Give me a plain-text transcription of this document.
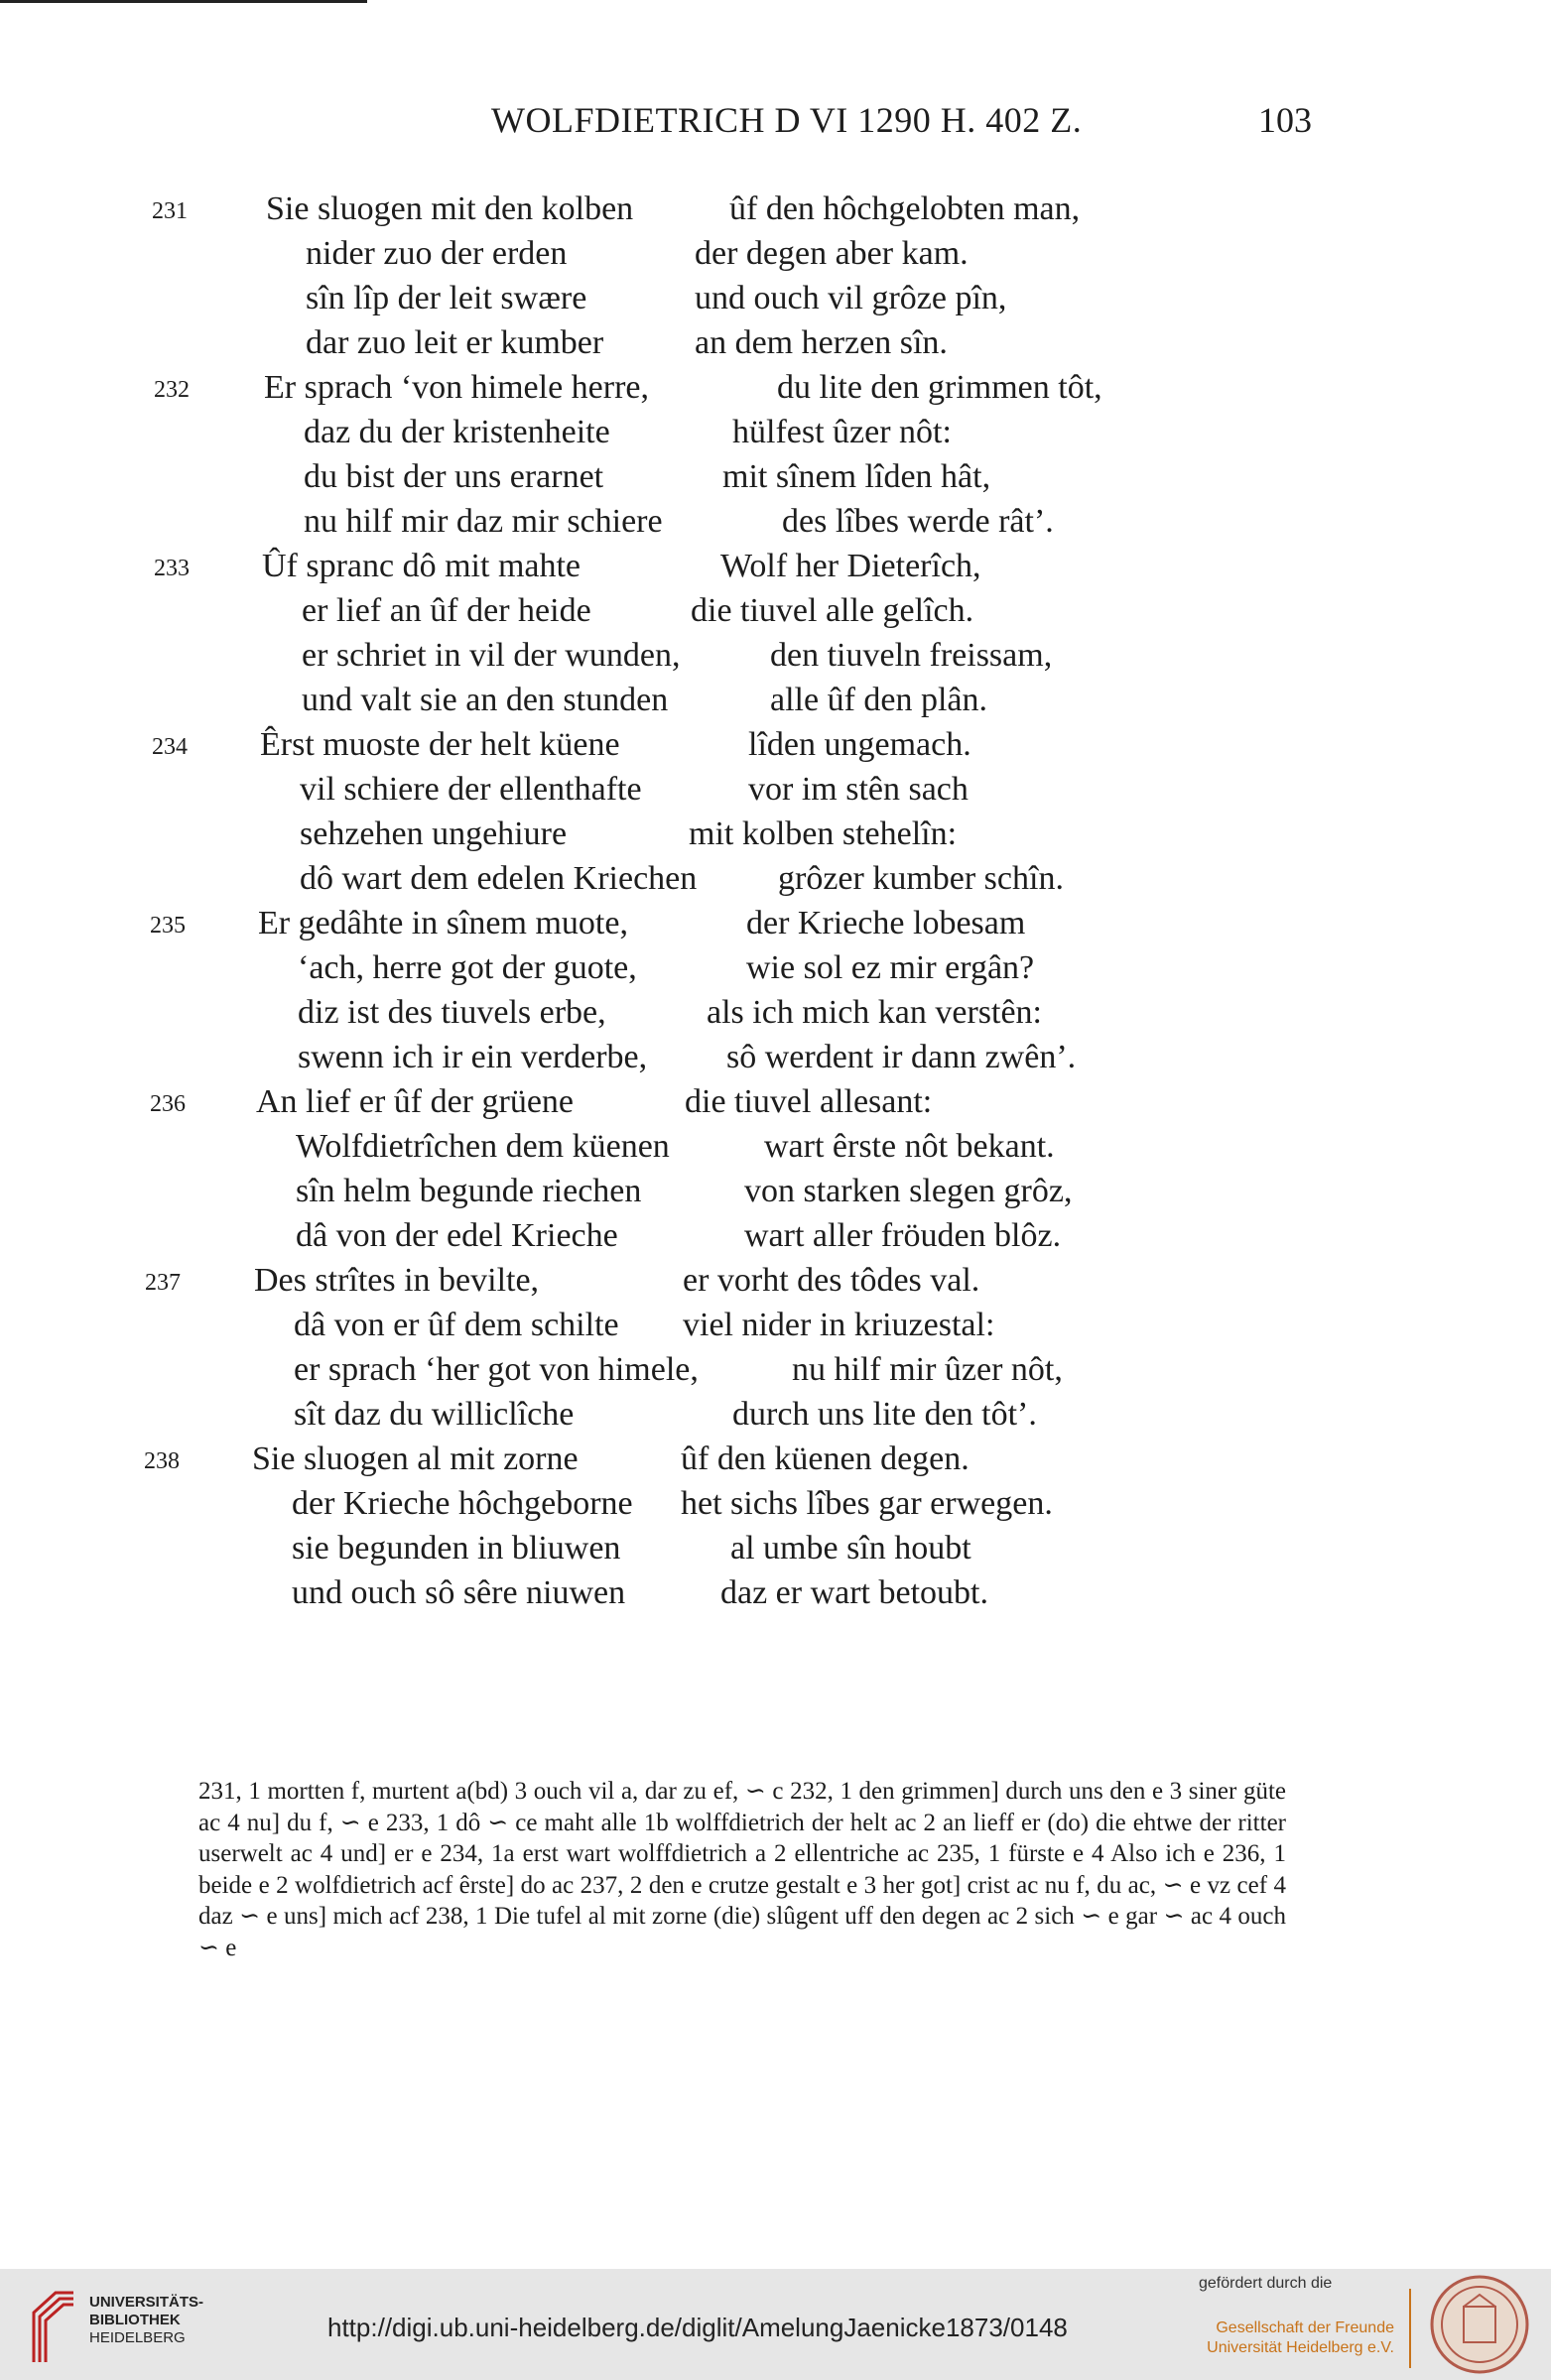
WOLFDIETRICH D VI 1290 H. 402 Z.	103
231 Sie sluogen mit den kolben	ûf den hôchgelobten man,
nider zuo der erden	der degen aber kam.
sîn lîp der leit swære	und ouch vil grôze pîn,
dar zuo leit er kumber	an dem herzen sîn.
232 Er sprach ‘von himele herre,	du lite den grimmen tôt,
daz du der kristenheite	hülfest ûzer nôt:
du bist der uns erarnet	mit sînem lîden hât,
nu hilf mir daz mir schiere	des lîbes werde rât’.
233 Ûf spranc dô mit mahte	Wolf her Dieterîch,
er lief an ûf der heide	die tiuvel alle gelîch.
er schriet in vil der wunden,	den tiuveln freissam,
und valt sie an den stunden	alle ûf den plân.
234 Êrst muoste der helt küene	lîden ungemach.
vil schiere der ellenthafte	vor im stên sach
sehzehen ungehiure	mit kolben stehelîn:
dô wart dem edelen Kriechen grôzer kumber schîn.
235 Er gedâhte in sînem muote,	der Krieche lobesam
‘ach, herre got der guote,	wie sol ez mir ergân?
diz ist des tiuvels erbe,	als ich mich kan verstên:
swenn ich ir ein verderbe, sô werdent ir dann zwên’.
236 An lief er ûf der grüene	die tiuvel allesant:
Wolfdietrîchen dem küenen	wart êrste nôt bekant.
sîn helm begunde riechen	von starken slegen grôz,
dâ von der edel Krieche	wart aller fröuden blôz.
237 Des strîtes in bevilte,	er vorht des tôdes val.
dâ von er ûf dem schilte viel nider in kriuzestal:
er sprach ‘her got von himele,	nu hilf mir ûzer nôt,
sît daz du williclîche	durch uns lite den tôt’.
238 Sie sluogen al mit zorne	ûf den küenen degen.
der Krieche hôchgeborne het sichs lîbes gar erwegen.
sie begunden in bliuwen	al umbe sîn houbt
und ouch sô sêre niuwen	daz er wart betoubt.

231, 1 mortten f, murtent a(bd) 3 ouch vil a, dar zu ef, ∽ c 232, 1 den grimmen] durch uns den e 3 siner güte ac 4 nu] du f, ∽ e 233, 1 dô ∽ ce maht alle 1b wolffdietrich der helt ac 2 an lieff er (do) die ehtwe der ritter userwelt ac 4 und] er e 234, 1a erst wart wolffdietrich a 2 ellentriche ac 235, 1 fürste e 4 Also ich e 236, 1 beide e 2 wolfdietrich acf êrste] do ac 237, 2 den e crutze gestalt e 3 her got] crist ac nu f, du ac, ∽ e vz cef 4 daz ∽ e uns] mich acf 238, 1 Die tufel al mit zorne (die) slûgent uff den degen ac 2 sich ∽ e gar ∽ ac 4 ouch ∽ e

UNIVERSITÄTS-
BIBLIOTHEK
HEIDELBERG	http://digi.ub.uni-heidelberg.de/diglit/AmelungJaenicke1873/0148
gefördert durch die
Gesellschaft der Freunde
Universität Heidelberg e.V.
